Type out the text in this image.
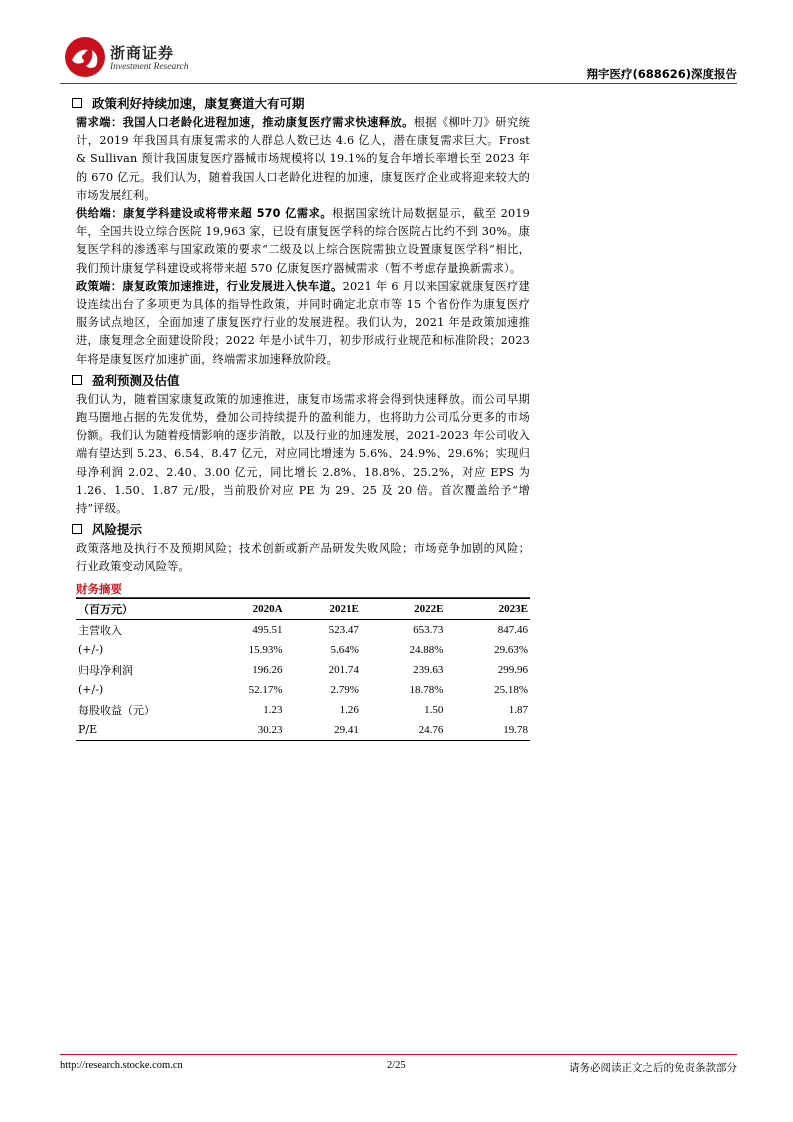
浙商证券
Investment Research	翔宇医疗(688626)深度报告
政策利好持续加速，康复赛道大有可期

需求端：我国人口老龄化进程加速，推动康复医疗需求快速释放。根据《柳叶刀》研究统计，2019 年我国具有康复需求的人群总人数已达 4.6 亿人，潜在康复需求巨大。Frost & Sullivan 预计我国康复医疗器械市场规模将以 19.1%的复合年增长率增长至 2023 年的 670 亿元。我们认为，随着我国人口老龄化进程的加速，康复医疗企业或将迎来较大的市场发展红利。

供给端：康复学科建设或将带来超 570 亿需求。根据国家统计局数据显示，截至 2019 年，全国共设立综合医院 19,963 家，已设有康复医学科的综合医院占比约不到 30%。康复医学科的渗透率与国家政策的要求“二级及以上综合医院需独立设置康复医学科”相比，我们预计康复学科建设或将带来超 570 亿康复医疗器械需求（暂不考虑存量换新需求）。

政策端：康复政策加速推进，行业发展进入快车道。2021 年 6 月以来国家就康复医疗建设连续出台了多项更为具体的指导性政策，并同时确定北京市等 15 个省份作为康复医疗服务试点地区，全面加速了康复医疗行业的发展进程。我们认为，2021 年是政策加速推进，康复理念全面建设阶段；2022 年是小试牛刀，初步形成行业规范和标准阶段；2023 年将是康复医疗加速扩面，终端需求加速释放阶段。

盈利预测及估值

我们认为，随着国家康复政策的加速推进，康复市场需求将会得到快速释放。而公司早期跑马圈地占据的先发优势，叠加公司持续提升的盈利能力，也将助力公司瓜分更多的市场份额。我们认为随着疫情影响的逐步消散，以及行业的加速发展，2021-2023 年公司收入端有望达到 5.23、6.54、8.47 亿元，对应同比增速为 5.6%、24.9%、29.6%；实现归母净利润 2.02、2.40、3.00 亿元，同比增长 2.8%、18.8%、25.2%，对应 EPS 为 1.26、1.50、1.87 元/股，当前股价对应 PE 为 29、25 及 20 倍。首次覆盖给予“增持”评级。

风险提示

政策落地及执行不及预期风险；技术创新或新产品研发失败风险；市场竞争加剧的风险；行业政策变动风险等。

财务摘要
（百万元）	2020A	2021E	2022E	2023E
主营收入	495.51	523.47	653.73	847.46
(+/-)	15.93%	5.64%	24.88%	29.63%
归母净利润	196.26	201.74	239.63	299.96
(+/-)	52.17%	2.79%	18.78%	25.18%
每股收益（元）	1.23	1.26	1.50	1.87
P/E	30.23	29.41	24.76	19.78
http://research.stocke.com.cn	2/25	请务必阅读正文之后的免责条款部分
